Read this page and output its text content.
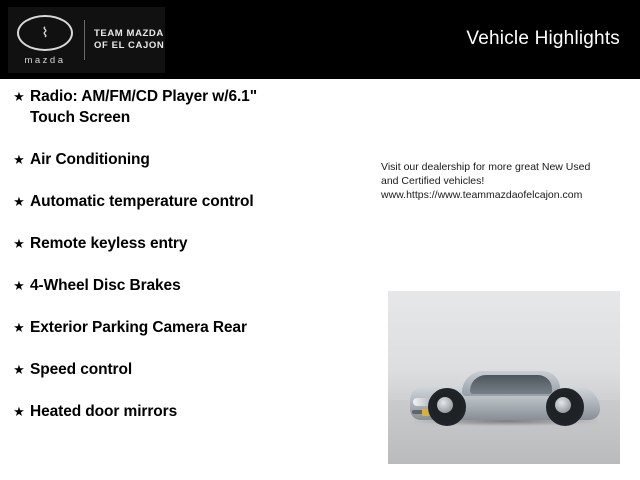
⌇
mazda
TEAM MAZDA
OF EL CAJON	Vehicle Highlights
★ Radio: AM/FM/CD Player w/6.1"
Touch Screen
★ Air Conditioning
★ Automatic temperature control
★ Remote keyless entry
★ 4-Wheel Disc Brakes
★ Exterior Parking Camera Rear
★ Speed control
★ Heated door mirrors
Visit our dealership for more great New Used
and Certified vehicles!
www.https://www.teammazdaofelcajon.com
